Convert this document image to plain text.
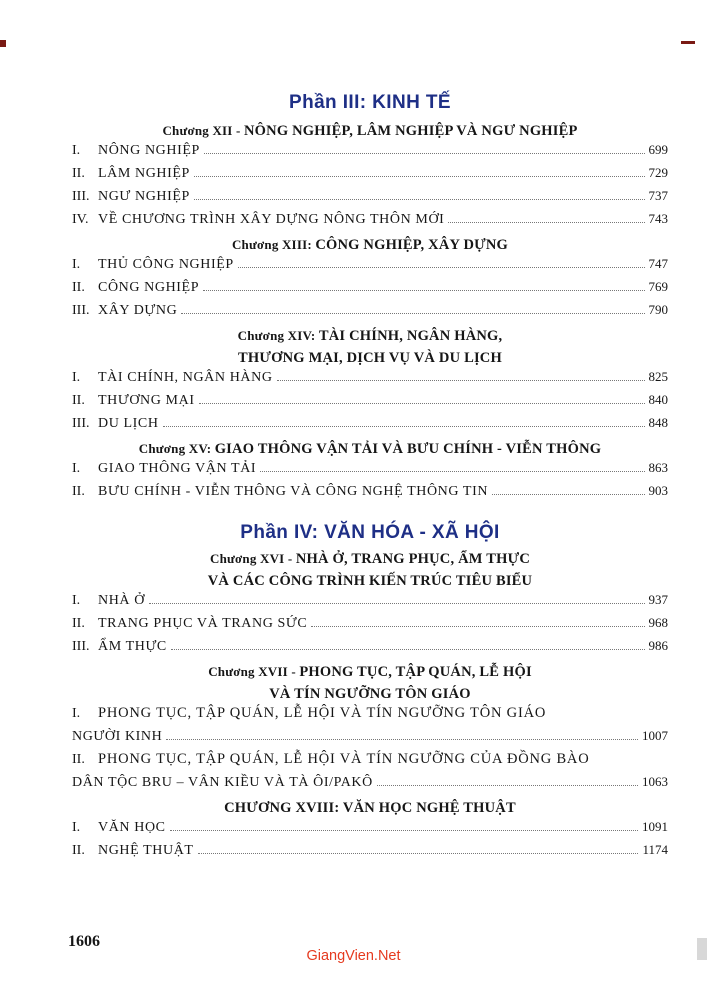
Phần III: KINH TẾ
Chương XII - NÔNG NGHIỆP, LÂM NGHIỆP VÀ NGƯ NGHIỆP
I.	NÔNG NGHIỆP	699
II. LÂM NGHIỆP	729
III. NGƯ NGHIỆP	737
IV. VỀ CHƯƠNG TRÌNH XÂY DỰNG NÔNG THÔN MỚI	743
Chương XIII: CÔNG NGHIỆP, XÂY DỰNG
I.	THỦ CÔNG NGHIỆP	747
II. CÔNG NGHIỆP	769
III. XÂY DỰNG	790
Chương XIV: TÀI CHÍNH, NGÂN HÀNG,
THƯƠNG MẠI, DỊCH VỤ VÀ DU LỊCH
I.	TÀI CHÍNH, NGÂN HÀNG	825
II. THƯƠNG MẠI	840
III. DU LỊCH	848
Chương XV: GIAO THÔNG VẬN TẢI VÀ BƯU CHÍNH - VIỄN THÔNG
I.	GIAO THÔNG VẬN TẢI	863
II. BƯU CHÍNH - VIỄN THÔNG VÀ CÔNG NGHỆ THÔNG TIN	903
Phần IV: VĂN HÓA - XÃ HỘI
Chương XVI - NHÀ Ở, TRANG PHỤC, ẨM THỰC
VÀ CÁC CÔNG TRÌNH KIẾN TRÚC TIÊU BIỂU
I.	NHÀ Ở	937
II. TRANG PHỤC VÀ TRANG SỨC	968
III. ẨM THỰC	986
Chương XVII - PHONG TỤC, TẬP QUÁN, LỄ HỘI
VÀ TÍN NGƯỠNG TÔN GIÁO
I.	PHONG TỤC, TẬP QUÁN, LỄ HỘI VÀ TÍN NGƯỠNG TÔN GIÁO
NGƯỜI KINH	1007
II. PHONG TỤC, TẬP QUÁN, LỄ HỘI VÀ TÍN NGƯỠNG CỦA ĐỒNG BÀO
DÂN TỘC BRU – VÂN KIỀU VÀ TÀ ÔI/PAKÔ	1063
CHƯƠNG XVIII: VĂN HỌC NGHỆ THUẬT
I.	VĂN HỌC	1091
II. NGHỆ THUẬT	1174
1606
GiangVien.Net
